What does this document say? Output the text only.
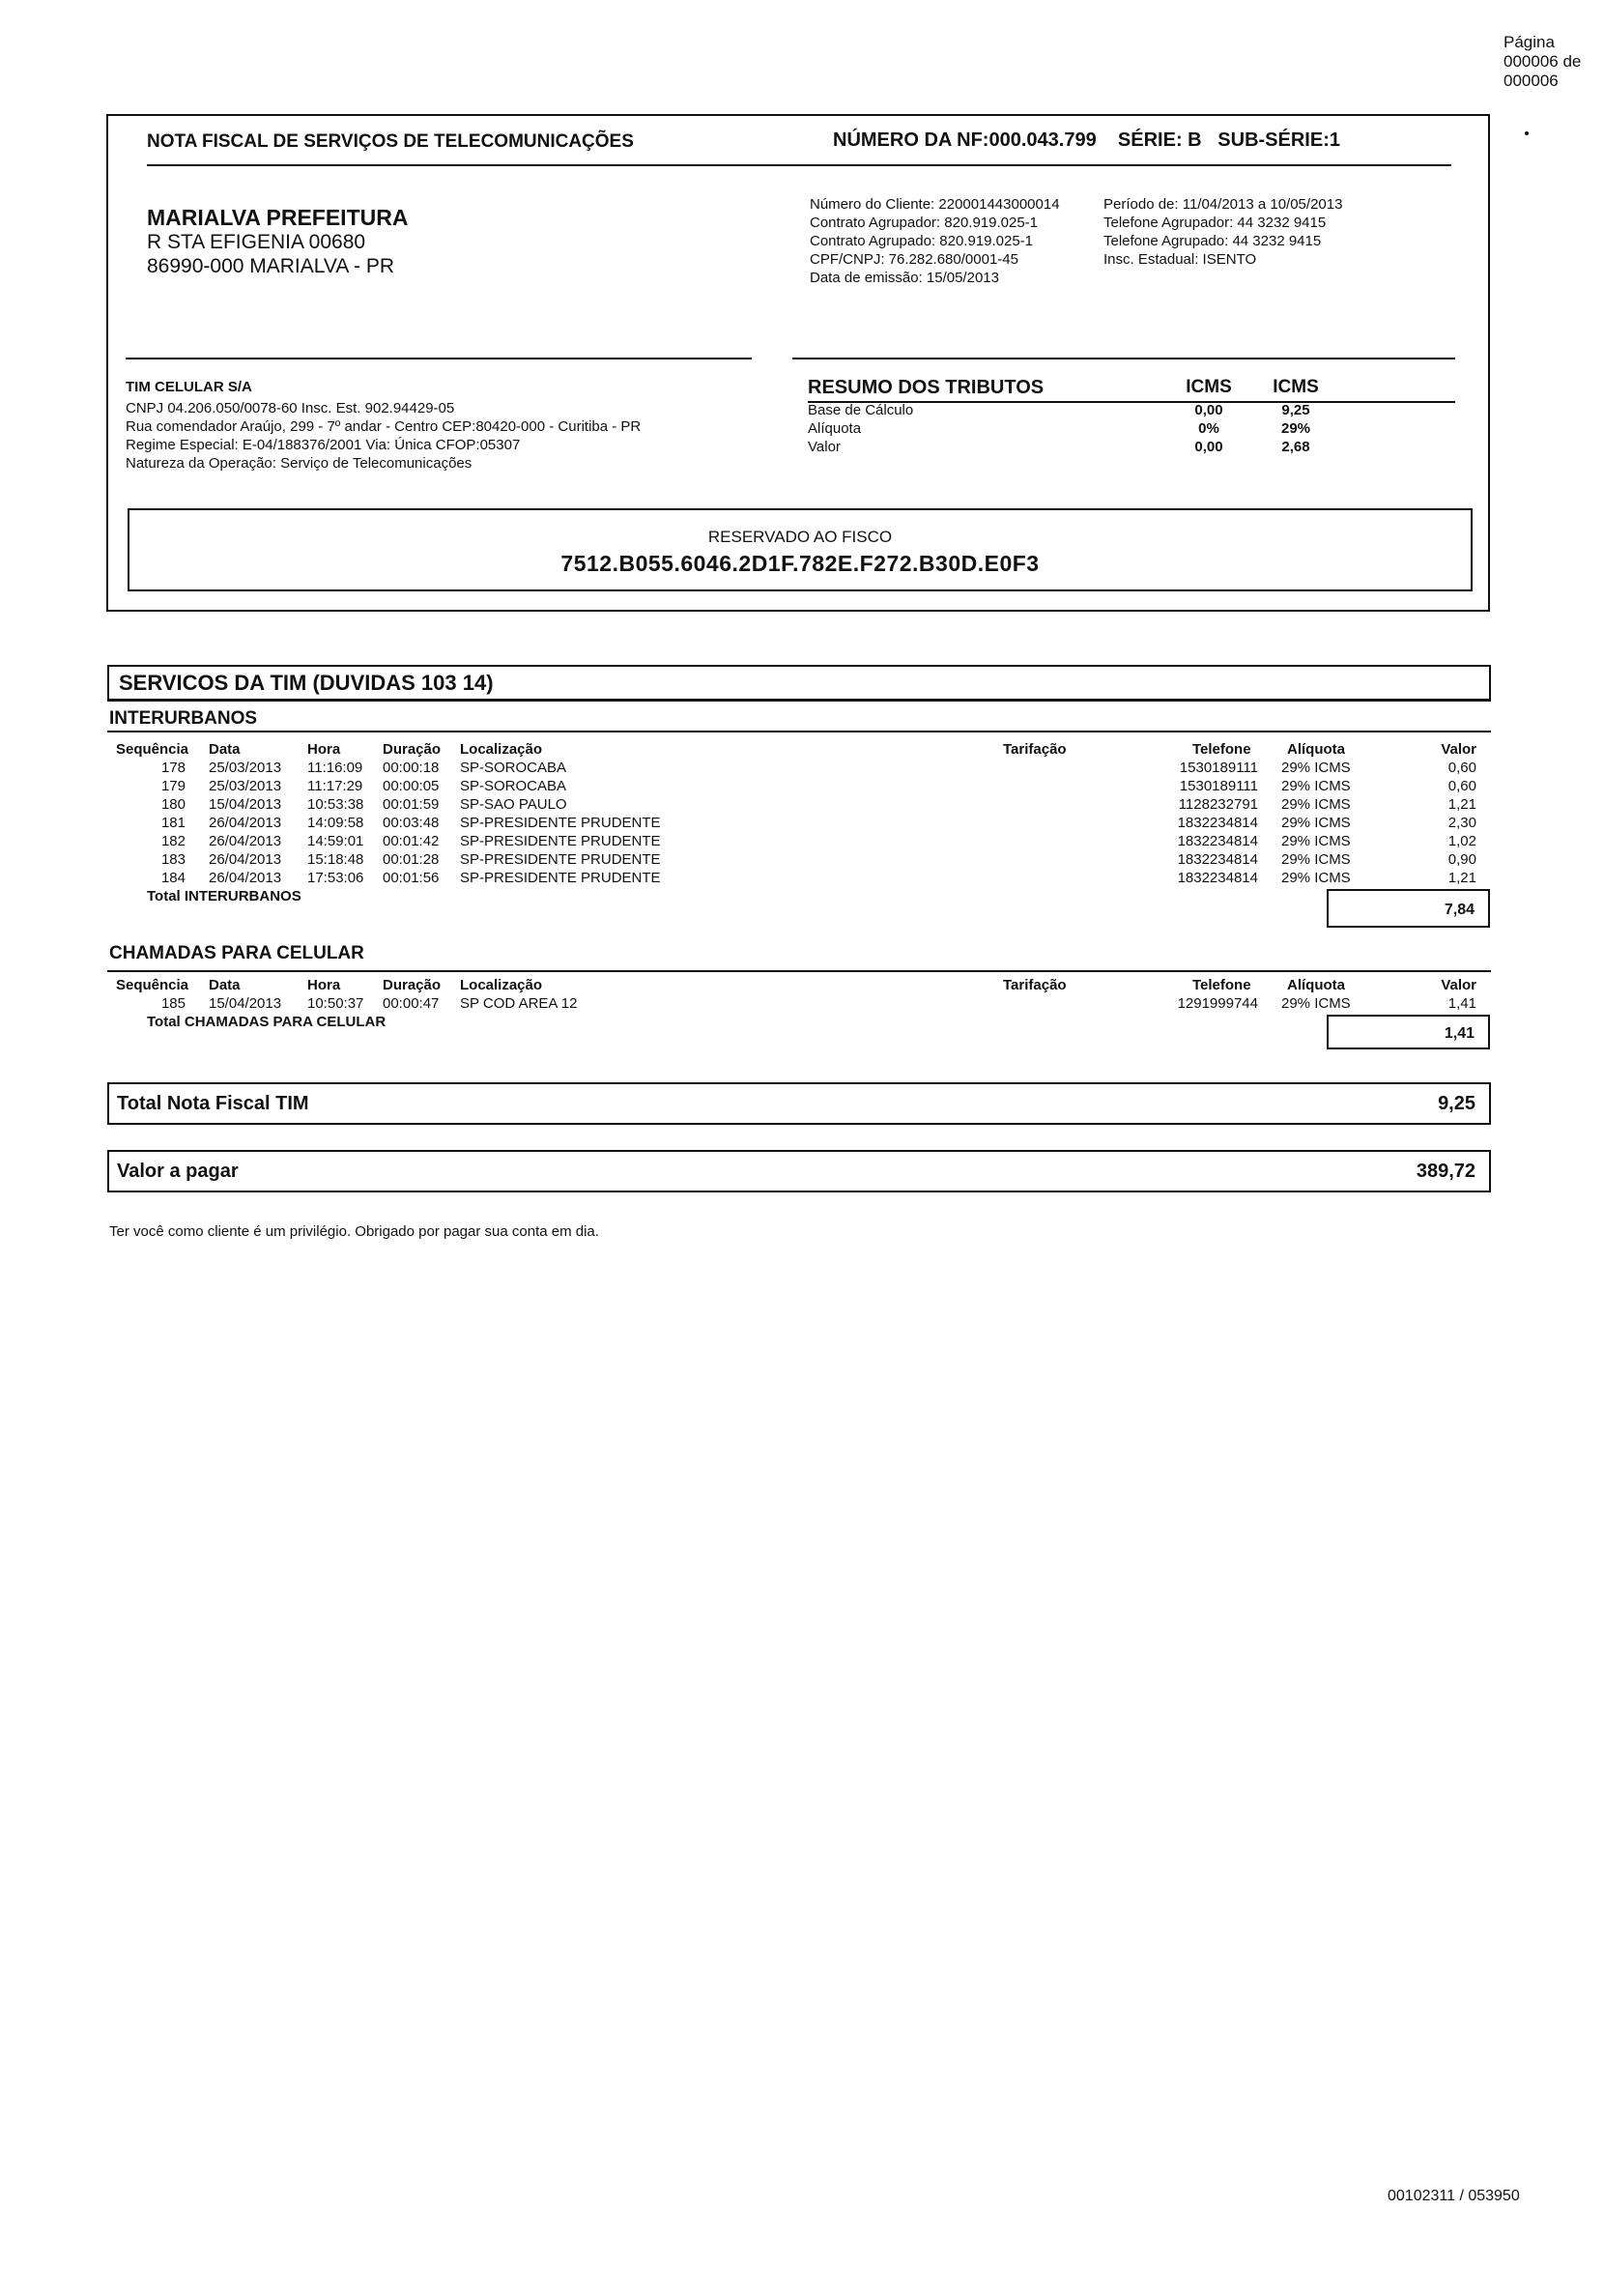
Página
000006 de
000006
NOTA FISCAL DE SERVIÇOS DE TELECOMUNICAÇÕES	NÚMERO DA NF:000.043.799 SÉRIE: B SUB-SÉRIE:1
MARIALVA PREFEITURA
R STA EFIGENIA 00680
86990-000 MARIALVA - PR
Número do Cliente: 220001443000014
Contrato Agrupador: 820.919.025-1
Contrato Agrupado: 820.919.025-1
CPF/CNPJ: 76.282.680/0001-45
Data de emissão: 15/05/2013
Período de: 11/04/2013 a 10/05/2013
Telefone Agrupador: 44 3232 9415
Telefone Agrupado: 44 3232 9415
Insc. Estadual: ISENTO
TIM CELULAR S/A
CNPJ 04.206.050/0078-60 Insc. Est. 902.94429-05
Rua comendador Araújo, 299 - 7º andar - Centro CEP:80420-000 - Curitiba - PR
Regime Especial: E-04/188376/2001 Via: Única CFOP:05307
Natureza da Operação: Serviço de Telecomunicações
RESUMO DOS TRIBUTOS	ICMS	ICMS
Base de Cálculo	0,00	9,25
Alíquota	0%	29%
Valor	0,00	2,68
RESERVADO AO FISCO
7512.B055.6046.2D1F.782E.F272.B30D.E0F3
SERVICOS DA TIM (DUVIDAS 103 14)
INTERURBANOS
Sequência Data	Hora	Duração Localização	Tarifação	Telefone Alíquota	Valor
178 25/03/2013 11:16:09 00:00:18 SP-SOROCABA	1530189111 29% ICMS	0,60
179 25/03/2013 11:17:29 00:00:05 SP-SOROCABA	1530189111 29% ICMS	0,60
180 15/04/2013 10:53:38 00:01:59 SP-SAO PAULO	1128232791 29% ICMS	1,21
181 26/04/2013 14:09:58 00:03:48 SP-PRESIDENTE PRUDENTE	1832234814 29% ICMS	2,30
182 26/04/2013 14:59:01 00:01:42 SP-PRESIDENTE PRUDENTE	1832234814 29% ICMS	1,02
183 26/04/2013 15:18:48 00:01:28 SP-PRESIDENTE PRUDENTE	1832234814 29% ICMS	0,90
184 26/04/2013 17:53:06 00:01:56 SP-PRESIDENTE PRUDENTE	1832234814 29% ICMS	1,21
Total INTERURBANOS
7,84
CHAMADAS PARA CELULAR
Sequência Data	Hora	Duração Localização	Tarifação	Telefone Alíquota	Valor
185 15/04/2013 10:50:37 00:00:47 SP COD AREA 12	1291999744 29% ICMS	1,41
Total CHAMADAS PARA CELULAR
1,41
Total Nota Fiscal TIM	9,25
Valor a pagar	389,72
Ter você como cliente é um privilégio. Obrigado por pagar sua conta em dia.
00102311 / 053950
